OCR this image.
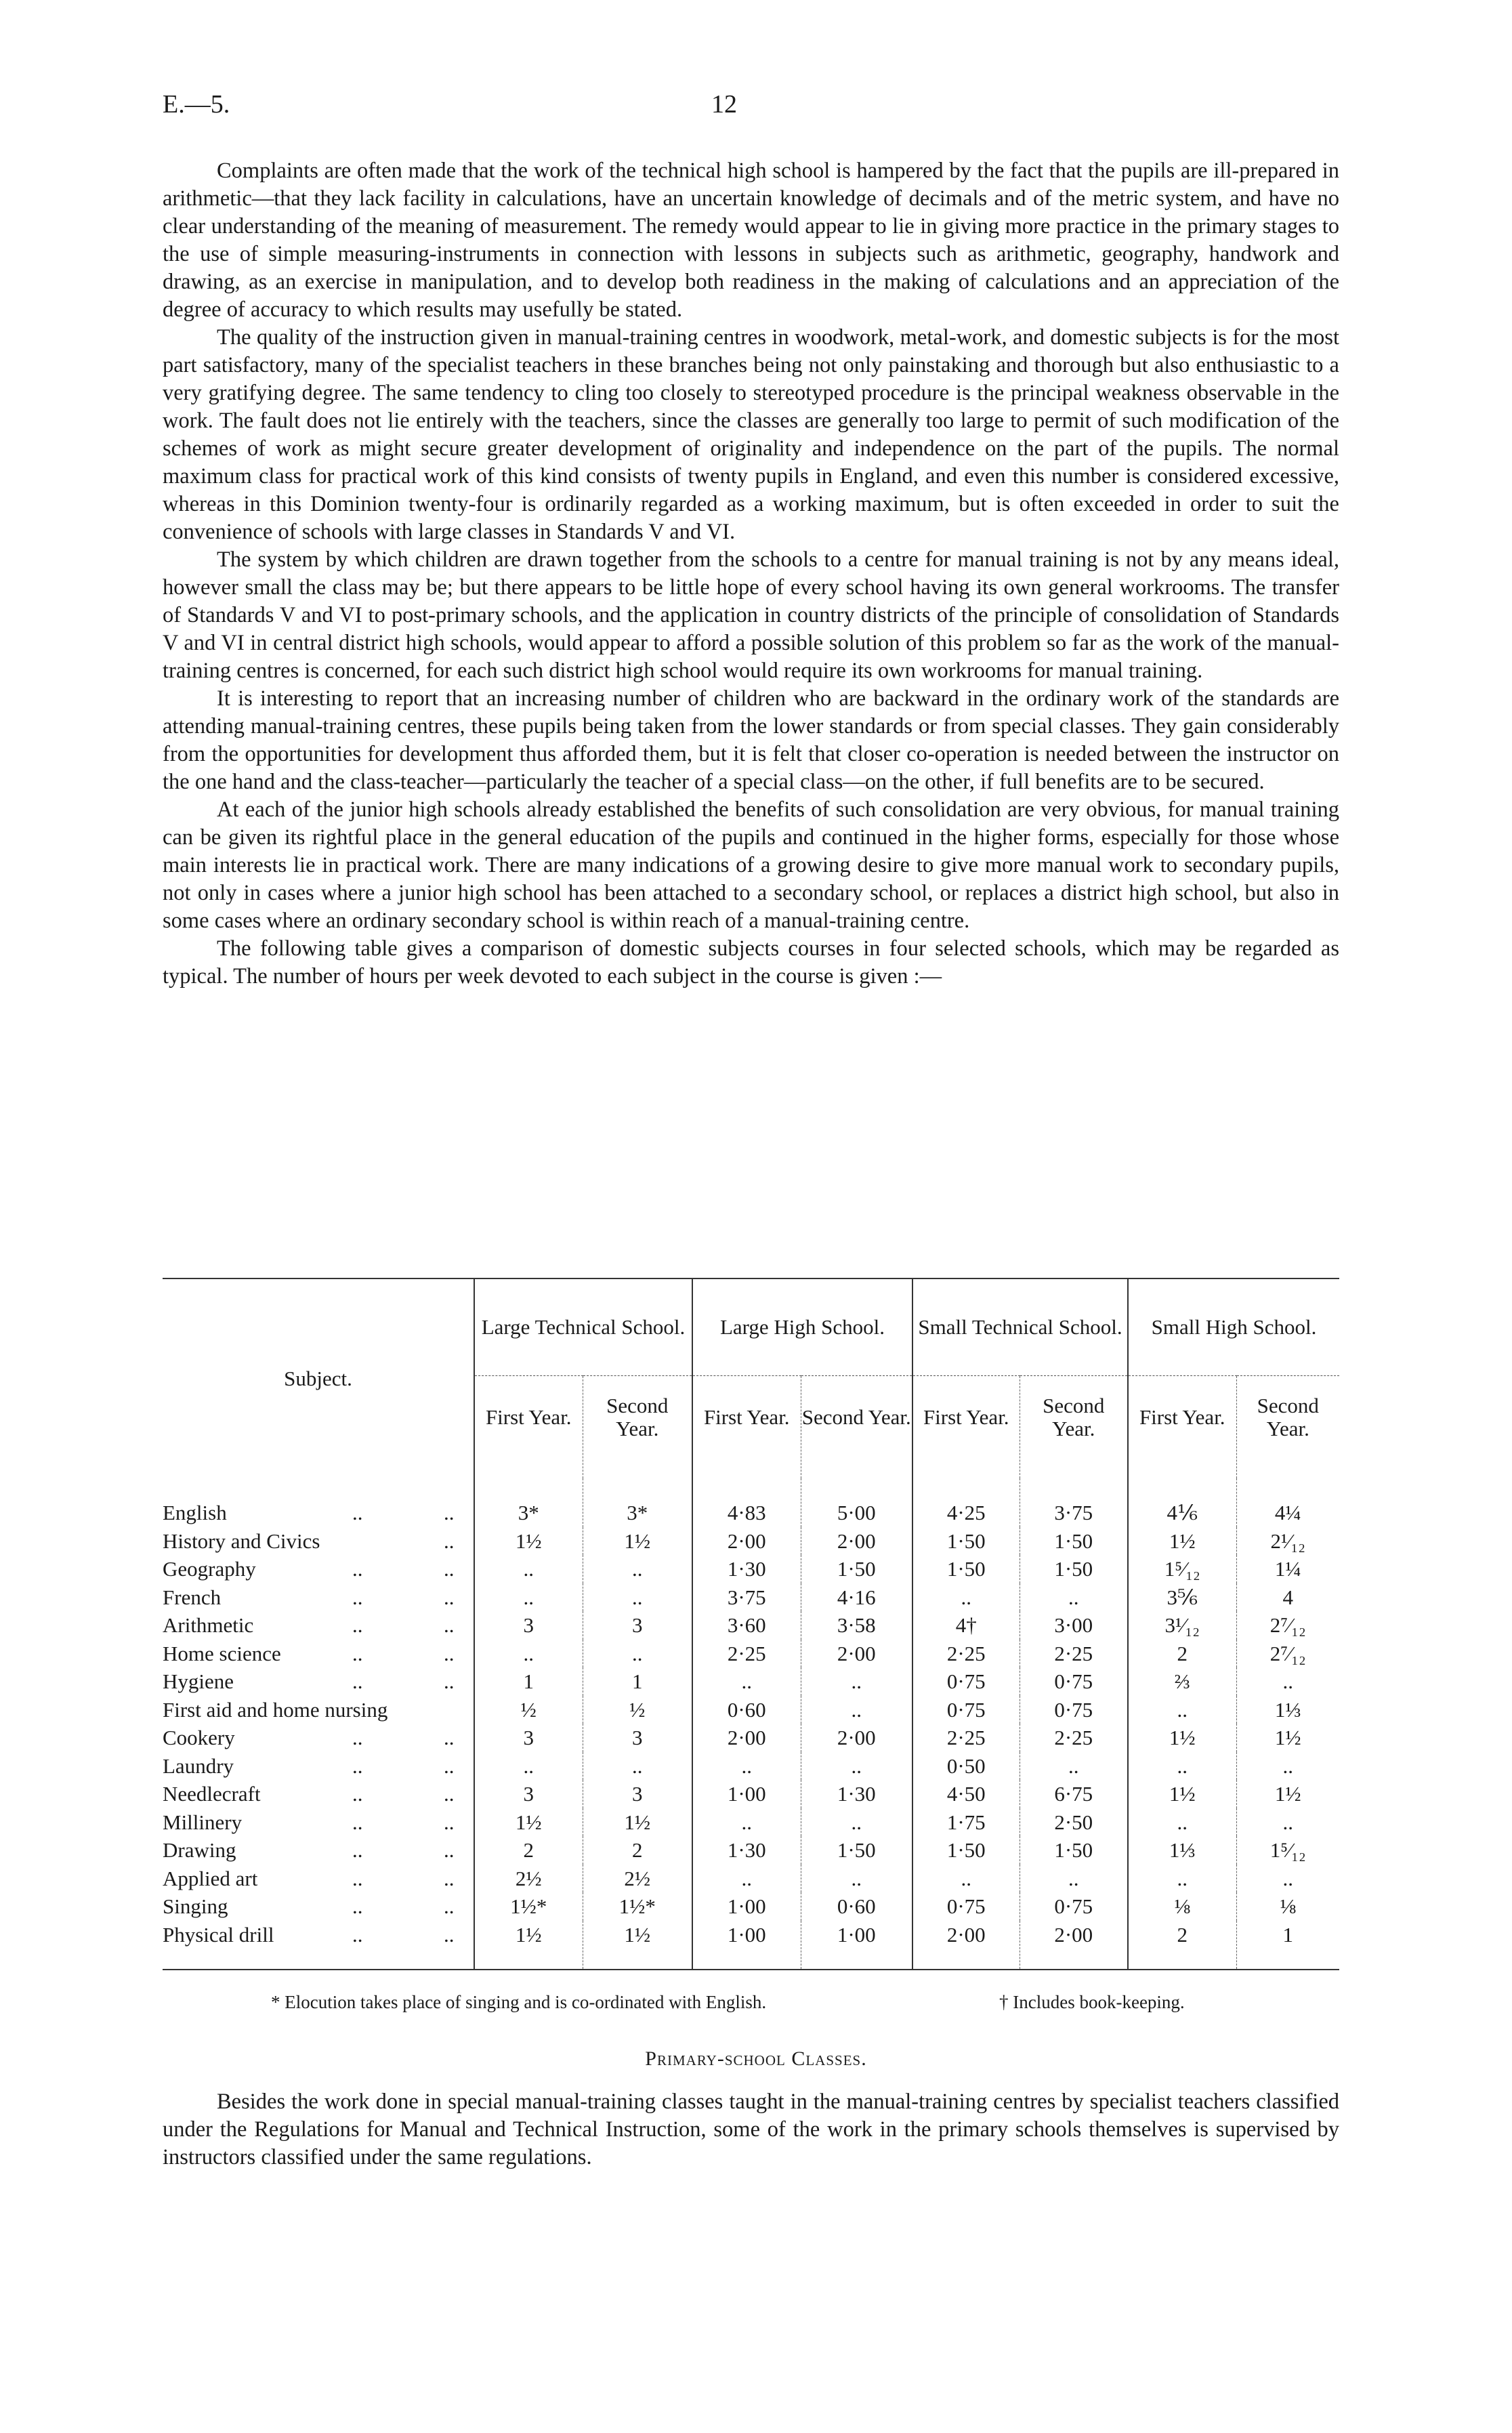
E.—5.	12

Complaints are often made that the work of the technical high school is hampered by the fact that the pupils are ill-prepared in arithmetic—that they lack facility in calculations, have an uncertain knowledge of decimals and of the metric system, and have no clear understanding of the meaning of measurement. The remedy would appear to lie in giving more practice in the primary stages to the use of simple measuring-instruments in connection with lessons in subjects such as arithmetic, geography, handwork and drawing, as an exercise in manipulation, and to develop both readiness in the making of calculations and an appreciation of the degree of accuracy to which results may usefully be stated.

The quality of the instruction given in manual-training centres in woodwork, metal-work, and domestic subjects is for the most part satisfactory, many of the specialist teachers in these branches being not only painstaking and thorough but also enthusiastic to a very gratifying degree. The same tendency to cling too closely to stereotyped procedure is the principal weakness observable in the work. The fault does not lie entirely with the teachers, since the classes are generally too large to permit of such modification of the schemes of work as might secure greater development of originality and independence on the part of the pupils. The normal maximum class for practical work of this kind consists of twenty pupils in England, and even this number is considered excessive, whereas in this Dominion twenty-four is ordinarily regarded as a working maximum, but is often exceeded in order to suit the convenience of schools with large classes in Standards V and VI.

The system by which children are drawn together from the schools to a centre for manual training is not by any means ideal, however small the class may be; but there appears to be little hope of every school having its own general workrooms. The transfer of Standards V and VI to post-primary schools, and the application in country districts of the principle of consolidation of Standards V and VI in central district high schools, would appear to afford a possible solution of this problem so far as the work of the manual-training centres is concerned, for each such district high school would require its own workrooms for manual training.

It is interesting to report that an increasing number of children who are backward in the ordinary work of the standards are attending manual-training centres, these pupils being taken from the lower standards or from special classes. They gain considerably from the opportunities for development thus afforded them, but it is felt that closer co-operation is needed between the instructor on the one hand and the class-teacher—particularly the teacher of a special class—on the other, if full benefits are to be secured.

At each of the junior high schools already established the benefits of such consolidation are very obvious, for manual training can be given its rightful place in the general education of the pupils and continued in the higher forms, especially for those whose main interests lie in practical work. There are many indications of a growing desire to give more manual work to secondary pupils, not only in cases where a junior high school has been attached to a secondary school, or replaces a district high school, but also in some cases where an ordinary secondary school is within reach of a manual-training centre.

The following table gives a comparison of domestic subjects courses in four selected schools, which may be regarded as typical. The number of hours per week devoted to each subject in the course is given :—

Subject.	Large Technical School.		Large High School.		Small Technical School.		Small High School.	
	First Year.	Second Year.	First Year.	Second Year.	First Year.	Second Year.	First Year.	Second Year.
English .. ..	3*	3*	4·83	5·00	4·25	3·75	4⅙	4¼
History and Civics ..	1½	1½	2·00	2·00	1·50	1·50	1½	2¹⁄₁₂
Geography .. ..	..	..	1·30	1·50	1·50	1·50	1⁵⁄₁₂	1¼
French .. ..	..	..	3·75	4·16	..	..	3⅚	4
Arithmetic .. ..	3	3	3·60	3·58	4†	3·00	3¹⁄₁₂	2⁷⁄₁₂
Home science .. ..	..	..	2·25	2·00	2·25	2·25	2	2⁷⁄₁₂
Hygiene .. ..	1	1	..	..	0·75	0·75	⅔	..
First aid and home nursing	½	½	0·60	..	0·75	0·75	..	1⅓
Cookery .. ..	3	3	2·00	2·00	2·25	2·25	1½	1½
Laundry .. ..	..	..	..	..	0·50	..	..	..
Needlecraft .. ..	3	3	1·00	1·30	4·50	6·75	1½	1½
Millinery .. ..	1½	1½	..	..	1·75	2·50	..	..
Drawing .. ..	2	2	1·30	1·50	1·50	1·50	1⅓	1⁵⁄₁₂
Applied art .. ..	2½	2½	..	..	..	..	..	..
Singing .. ..	1½*	1½*	1·00	0·60	0·75	0·75	⅛	⅛
Physical drill .. ..	1½	1½	1·00	1·00	2·00	2·00	2	1
* Elocution takes place of singing and is co-ordinated with English.	† Includes book-keeping.
Primary-school Classes.

Besides the work done in special manual-training classes taught in the manual-training centres by specialist teachers classified under the Regulations for Manual and Technical Instruction, some of the work in the primary schools themselves is supervised by instructors classified under the same regulations.
